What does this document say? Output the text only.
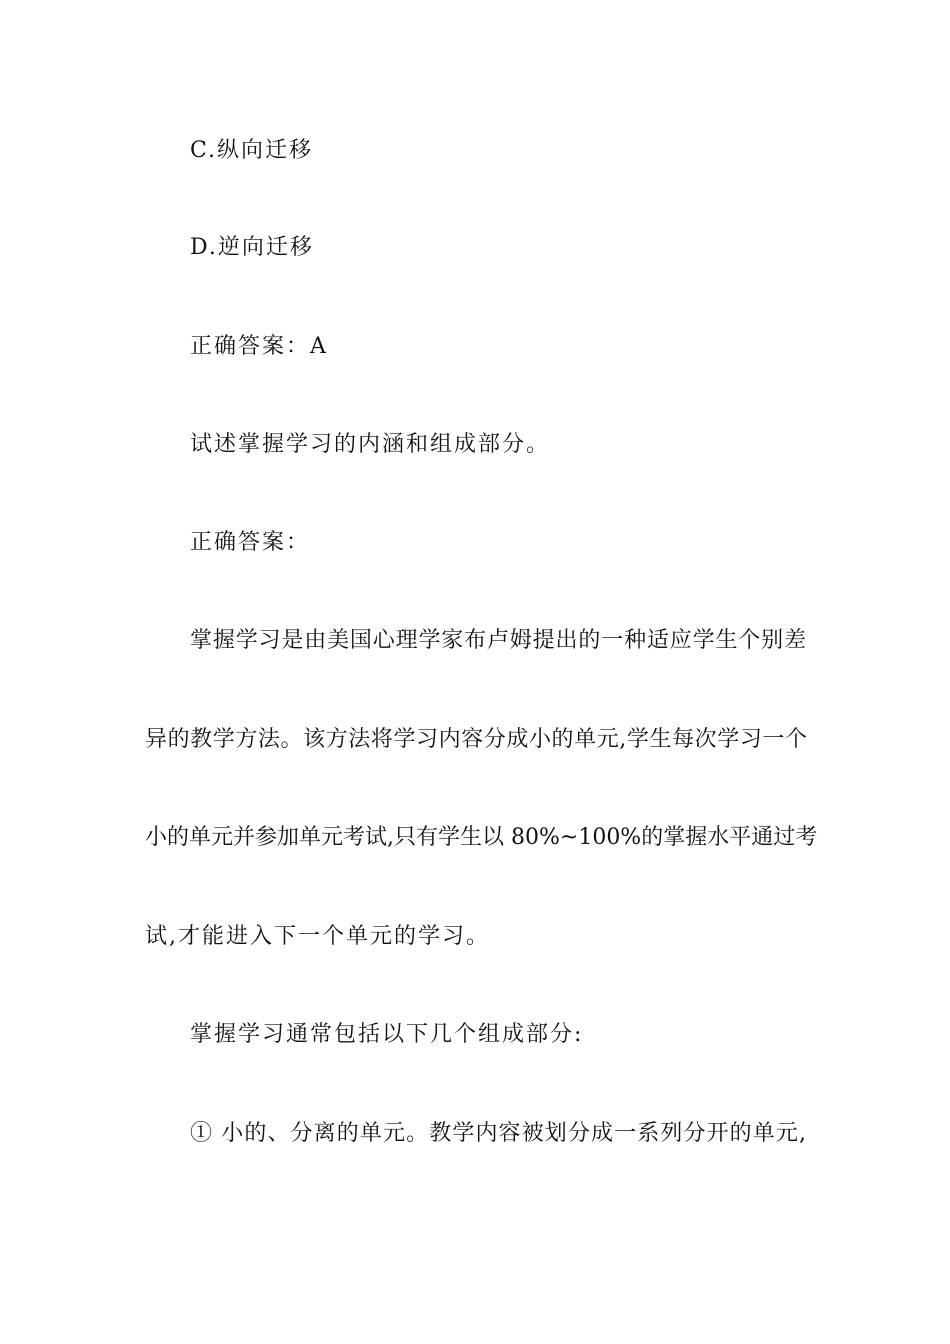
C.纵向迁移
D.逆向迁移
正确答案：A
试述掌握学习的内涵和组成部分。
正确答案：
掌握学习是由美国心理学家布卢姆提出的一种适应学生个别差
异的教学方法。该方法将学习内容分成小的单元,学生每次学习一个
小的单元并参加单元考试,只有学生以 80%~100%的掌握水平通过考
试,才能进入下一个单元的学习。
掌握学习通常包括以下几个组成部分:
① 小的、分离的单元。教学内容被划分成一系列分开的单元,
